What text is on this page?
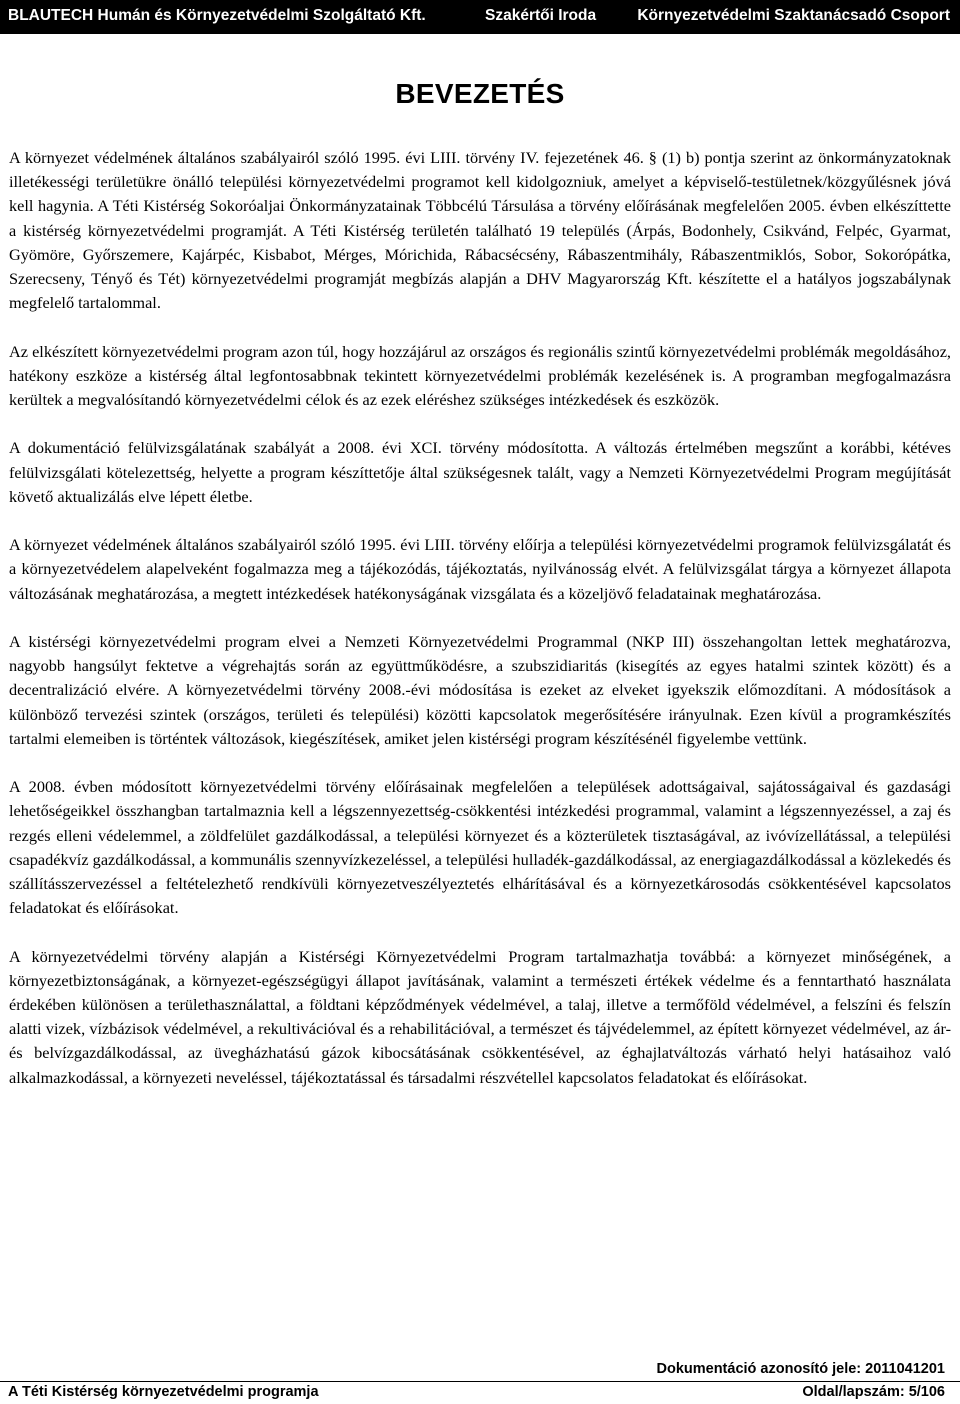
BLAUTECH Humán és Környezetvédelmi Szolgáltató Kft.	Szakértői Iroda	Környezetvédelmi Szaktanácsadó Csoport
BEVEZETÉS

A környezet védelmének általános szabályairól szóló 1995. évi LIII. törvény IV. fejezetének 46. § (1) b) pontja szerint az önkormányzatoknak illetékességi területükre önálló települési környezetvédelmi programot kell kidolgozniuk, amelyet a képviselő-testületnek/közgyűlésnek jóvá kell hagynia. A Téti Kistérség Sokoróaljai Önkormányzatainak Többcélú Társulása a törvény előírásának megfelelően 2005. évben elkészíttette a kistérség környezetvédelmi programját. A Téti Kistérség területén található 19 település (Árpás, Bodonhely, Csikvánd, Felpéc, Gyarmat, Gyömöre, Győrszemere, Kajárpéc, Kisbabot, Mérges, Mórichida, Rábacsécsény, Rábaszentmihály, Rábaszentmiklós, Sobor, Sokorópátka, Szerecseny, Tényő és Tét) környezetvédelmi programját megbízás alapján a DHV Magyarország Kft. készítette el a hatályos jogszabálynak megfelelő tartalommal.

Az elkészített környezetvédelmi program azon túl, hogy hozzájárul az országos és regionális szintű környezetvédelmi problémák megoldásához, hatékony eszköze a kistérség által legfontosabbnak tekintett környezetvédelmi problémák kezelésének is. A programban megfogalmazásra kerültek a megvalósítandó környezetvédelmi célok és az ezek eléréshez szükséges intézkedések és eszközök.

A dokumentáció felülvizsgálatának szabályát a 2008. évi XCI. törvény módosította. A változás értelmében megszűnt a korábbi, kétéves felülvizsgálati kötelezettség, helyette a program készíttetője által szükségesnek talált, vagy a Nemzeti Környezetvédelmi Program megújítását követő aktualizálás elve lépett életbe.

A környezet védelmének általános szabályairól szóló 1995. évi LIII. törvény előírja a települési környezetvédelmi programok felülvizsgálatát és a környezetvédelem alapelveként fogalmazza meg a tájékozódás, tájékoztatás, nyilvánosság elvét. A felülvizsgálat tárgya a környezet állapota változásának meghatározása, a megtett intézkedések hatékonyságának vizsgálata és a közeljövő feladatainak meghatározása.

A kistérségi környezetvédelmi program elvei a Nemzeti Környezetvédelmi Programmal (NKP III) összehangoltan lettek meghatározva, nagyobb hangsúlyt fektetve a végrehajtás során az együttműködésre, a szubszidiaritás (kisegítés az egyes hatalmi szintek között) és a decentralizáció elvére. A környezetvédelmi törvény 2008.-évi módosítása is ezeket az elveket igyekszik előmozdítani. A módosítások a különböző tervezési szintek (országos, területi és települési) közötti kapcsolatok megerősítésére irányulnak. Ezen kívül a programkészítés tartalmi elemeiben is történtek változások, kiegészítések, amiket jelen kistérségi program készítésénél figyelembe vettünk.

A 2008. évben módosított környezetvédelmi törvény előírásainak megfelelően a települések adottságaival, sajátosságaival és gazdasági lehetőségeikkel összhangban tartalmaznia kell a légszennyezettség-csökkentési intézkedési programmal, valamint a légszennyezéssel, a zaj és rezgés elleni védelemmel, a zöldfelület gazdálkodással, a települési környezet és a közterületek tisztaságával, az ivóvízellátással, a települési csapadékvíz gazdálkodással, a kommunális szennyvízkezeléssel, a települési hulladék-gazdálkodással, az energiagazdálkodással a közlekedés és szállításszervezéssel a feltételezhető rendkívüli környezetveszélyeztetés elhárításával és a környezetkárosodás csökkentésével kapcsolatos feladatokat és előírásokat.

A környezetvédelmi törvény alapján a Kistérségi Környezetvédelmi Program tartalmazhatja továbbá: a környezet minőségének, a környezetbiztonságának, a környezet-egészségügyi állapot javításának, valamint a természeti értékek védelme és a fenntartható használata érdekében különösen a területhasználattal, a földtani képződmények védelmével, a talaj, illetve a termőföld védelmével, a felszíni és felszín alatti vizek, vízbázisok védelmével, a rekultivációval és a rehabilitációval, a természet és tájvédelemmel, az épített környezet védelmével, az ár- és belvízgazdálkodással, az üvegházhatású gázok kibocsátásának csökkentésével, az éghajlatváltozás várható helyi hatásaihoz való alkalmazkodással, a környezeti neveléssel, tájékoztatással és társadalmi részvétellel kapcsolatos feladatokat és előírásokat.

Dokumentáció azonosító jele: 2011041201
A Téti Kistérség környezetvédelmi programja	Oldal/lapszám: 5/106
